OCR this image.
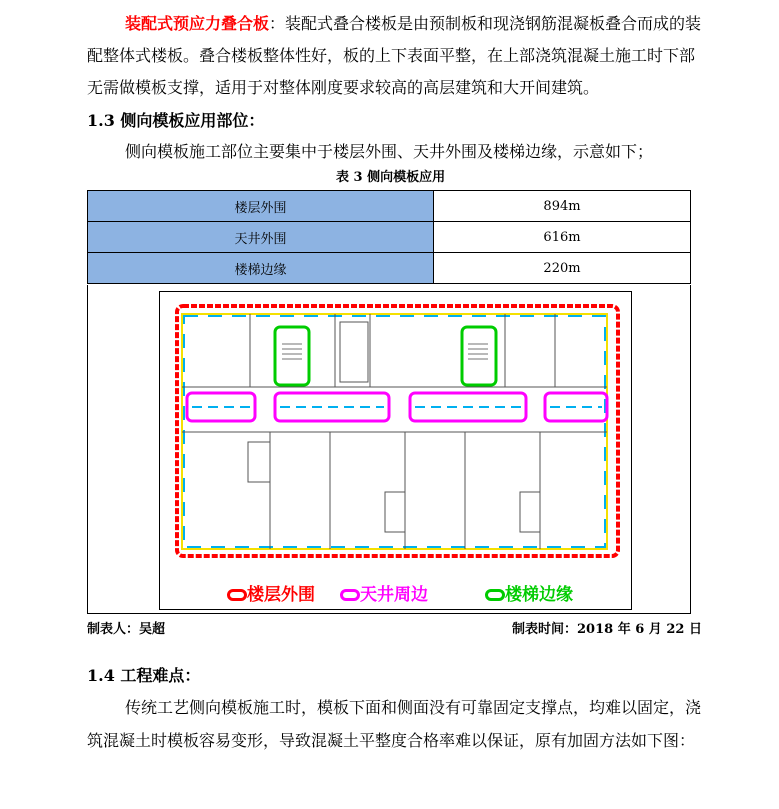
装配式预应力叠合板：装配式叠合楼板是由预制板和现浇钢筋混凝板叠合而成的装
配整体式楼板。叠合楼板整体性好，板的上下表面平整，在上部浇筑混凝土施工时下部
无需做模板支撑，适用于对整体刚度要求较高的高层建筑和大开间建筑。
1.3 侧向模板应用部位：
侧向模板施工部位主要集中于楼层外围、天井外围及楼梯边缘，示意如下；
表 3 侧向模板应用
楼层外围	894m
天井外围	616m
楼梯边缘	220m
楼层外围	天井周边	楼梯边缘
制表人：吴超	制表时间：2018 年 6 月 22 日
1.4 工程难点：
传统工艺侧向模板施工时，模板下面和侧面没有可靠固定支撑点，均难以固定，浇
筑混凝土时模板容易变形，导致混凝土平整度合格率难以保证，原有加固方法如下图：
